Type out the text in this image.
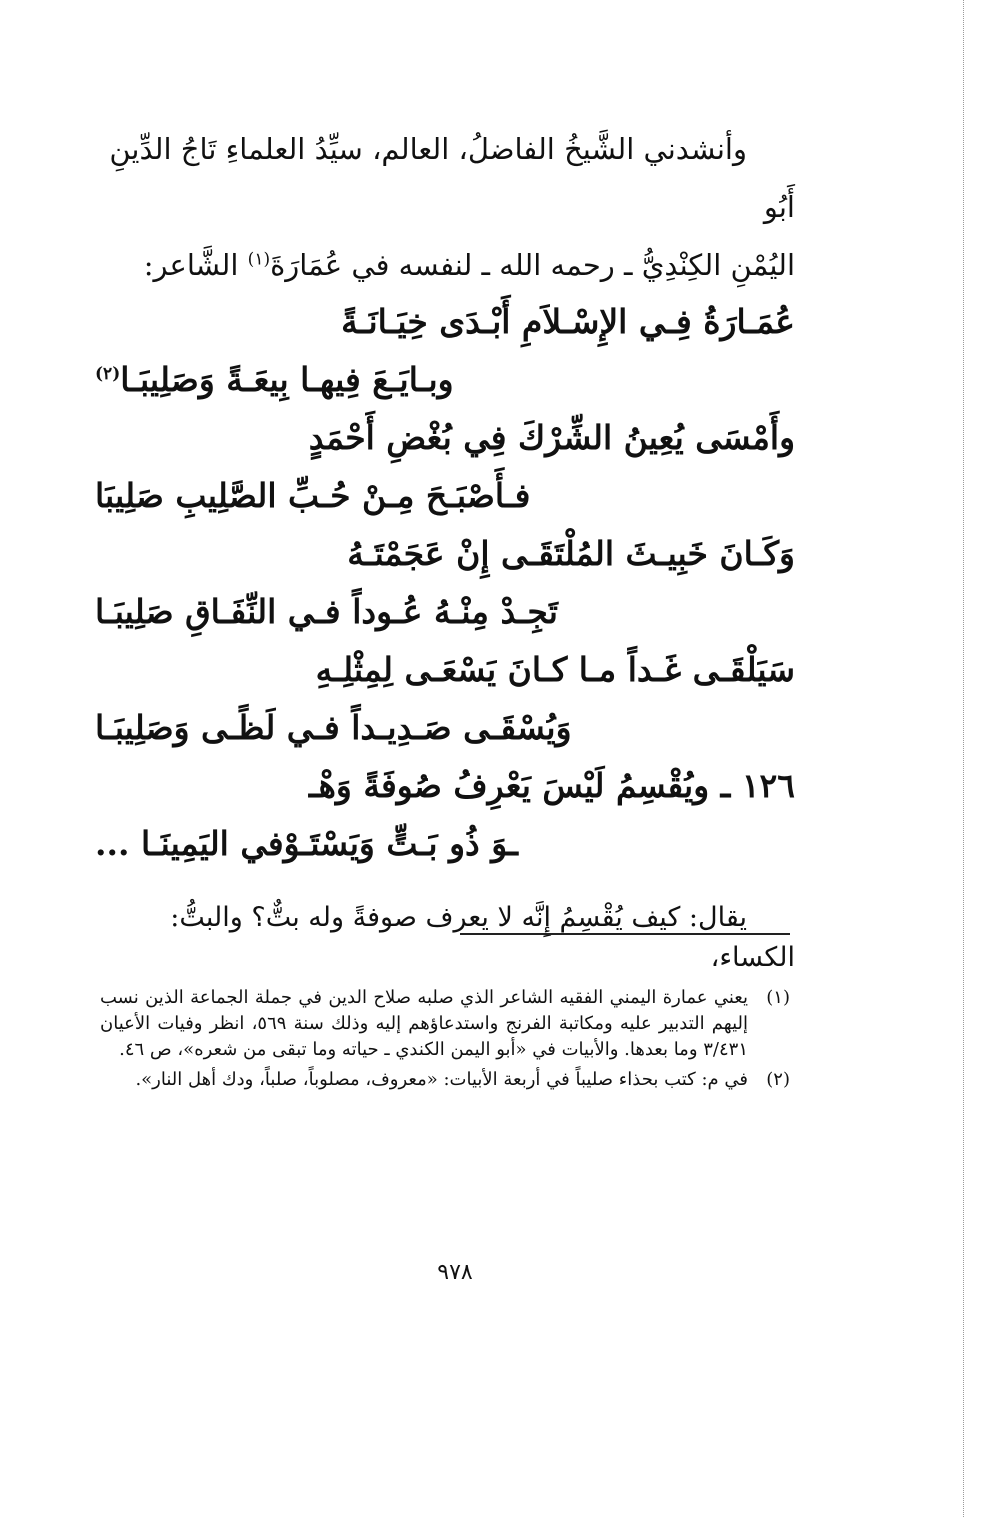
وأنشدني الشَّيخُ الفاضلُ، العالم، سيِّدُ العلماءِ تَاجُ الدِّينِ أَبُو
اليُمْنِ الكِنْدِيُّ ـ رحمه الله ـ لنفسه في عُمَارَةَ$^{(١)}$ الشَّاعر:
عُمَـارَةُ فِـي الإِسْـلاَمِ أَبْـدَى خِيَـانَـةً
وبـايَـعَ فِيهـا بِيعَـةً وَصَلِيبَـا$^{(٢)}$
وأَمْسَى يُعِينُ الشِّرْكَ فِي بُغْضِ أَحْمَدٍ
فـأَصْبَـحَ مِـنْ حُـبِّ الصَّلِيبِ صَلِيبَا
وَكَـانَ خَبِيـثَ المُلْتَقَـى إِنْ عَجَمْتَـهُ
تَجِـدْ مِنْـهُ عُـوداً فـي النِّفَـاقِ صَلِيبَـا
سَيَلْقَـى غَـداً مـا كـانَ يَسْعَـى لِمِثْلِـهِ
وَيُسْقَـى صَـدِيـداً فـي لَظًـى وَصَلِيبَـا
١٢٦ ـ ويُقْسِمُ لَيْسَ يَعْرِفُ صُوفَةً وَهْـ
ـوَ ذُو بَـتٍّ وَيَسْتَـوْفي اليَمِينَـا ...
يقال: كيف يُقْسِمُ إِنَّه لا يعرف صوفةً وله بتٌّ؟ والبتُّ: الكساء،
(١)
يعني عمارة اليمني الفقيه الشاعر الذي صلبه صلاح الدين في جملة الجماعة الذين نسب إليهم التدبير عليه ومكاتبة الفرنج واستدعاؤهم إليه وذلك سنة ٥٦٩، انظر وفيات الأعيان ٣/٤٣١ وما بعدها. والأبيات في «أبو اليمن الكندي ـ حياته وما تبقى من شعره»، ص ٤٦.
(٢)
في م: كتب بحذاء صليباً في أربعة الأبيات: «معروف، مصلوباً، صلباً، ودك أهل النار».
٩٧٨
